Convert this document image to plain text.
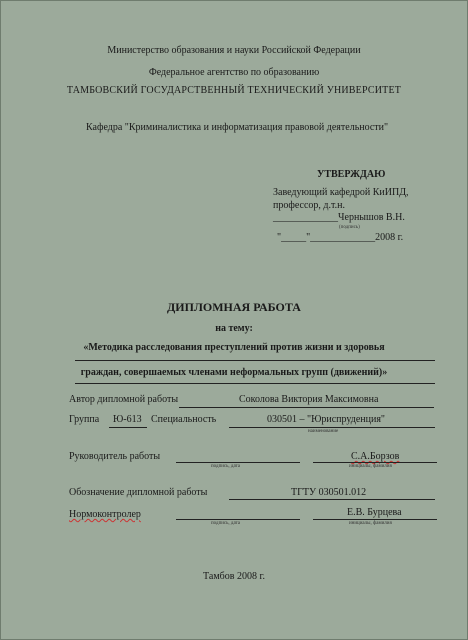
Министерство образования и науки Российской Федерации
Федеральное агентство по образованию
ТАМБОВСКИЙ ГОСУДАРСТВЕННЫЙ ТЕХНИЧЕСКИЙ УНИВЕРСИТЕТ
Кафедра "Криминалистика и информатизация правовой деятельности"
УТВЕРЖДАЮ
Заведующий кафедрой КиИПД,
профессор, д.т.н.
_____________Чернышов В.Н.
(подпись)
"_____"_____________2008 г.
ДИПЛОМНАЯ РАБОТА
на тему:
«Методика расследования преступлений против жизни и здоровья
граждан, совершаемых членами неформальных групп (движений)»
Автор дипломной работы	Соколова Виктория Максимовна
Группа Ю-613 Специальность	030501 – "Юриспруденция"
наименование
Руководитель работы	С.А.Борзов
подпись, дата	инициалы, фамилия
Обозначение дипломной работы	ТГТУ 030501.012
Нормоконтролер	Е.В. Бурцева
подпись, дата	инициалы, фамилия
Тамбов 2008 г.
